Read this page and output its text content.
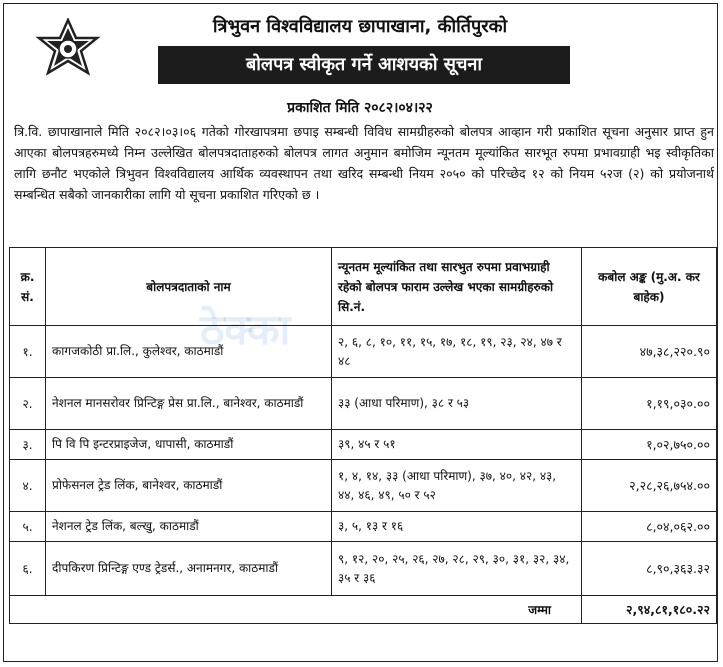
त्रिभुवन विश्वविद्यालय छापाखाना, कीर्तिपुरको
बोलपत्र स्वीकृत गर्ने आशयको सूचना
प्रकाशित मिति २०८२।०४।२२
त्रि.वि. छापाखानाले मिति २०८२।०३।०६ गतेको गोरखापत्रमा छपाइ सम्बन्धी विविध सामग्रीहरुको बोलपत्र आव्हान गरी प्रकाशित सूचना अनुसार प्राप्त हुन आएका बोलपत्रहरुमध्ये निम्न उल्लेखित बोलपत्रदाताहरुको बोलपत्र लागत अनुमान बमोजिम न्यूनतम मूल्यांकित सारभूत रुपमा प्रभावग्राही भइ स्वीकृतिका लागि छनौट भएकोले त्रिभुवन विश्वविद्यालय आर्थिक व्यवस्थापन तथा खरिद सम्बन्धी नियम २०५० को परिच्छेद १२ को नियम ५२ज (२) को प्रयोजनार्थ सम्बन्धित सबैको जानकारीका लागि यो सूचना प्रकाशित गरिएको छ ।
ठेक्का
क्र. सं.	बोलपत्रदाताको नाम	न्यूनतम मूल्यांकित तथा सारभुत रुपमा प्रवाभग्राही रहेको बोलपत्र फाराम उल्लेख भएका सामग्रीहरुको सि.नं.	कबोल अङ्क (मु.अ. कर बाहेक)
१.	कागजकोठी प्रा.लि., कुलेश्वर, काठमाडौं	२, ६, ८, १०, ११, १५, १७, १८, १९, २३, २४, ४७ र ४८	४७,३८,२२०.९०
२.	नेशनल मानसरोवर प्रिन्टिङ्ग प्रेस प्रा.लि., बानेश्वर, काठमाडौं	३३ (आधा परिमाण), ३८ र ५३	१,१९,०३०.००
३.	पि वि पि इन्टरप्राइजेज, धापासी, काठमाडौं	३९, ४५ र ५१	१,०२,७५०.००
४.	प्रोफेसनल ट्रेड लिंक, बानेश्वर, काठमाडौं	१, ४, १४, ३३ (आधा परिमाण), ३७, ४०, ४२, ४३, ४४, ४६, ४९, ५० र ५२	२,२८,२६,७५४.००
५.	नेशनल ट्रेड लिंक, बल्खु, काठमाडौं	३, ५, १३ र १६	८,०४,०६२.००
६.	दीपकिरण प्रिन्टिङ्ग एण्ड ट्रेडर्स., अनामनगर, काठमाडौं	९, १२, २०, २५, २६, २७, २८, २९, ३०, ३१, ३२, ३४, ३५ र ३६	८,९०,३६३.३२
जम्मा			२,९४,८१,१८०.२२
